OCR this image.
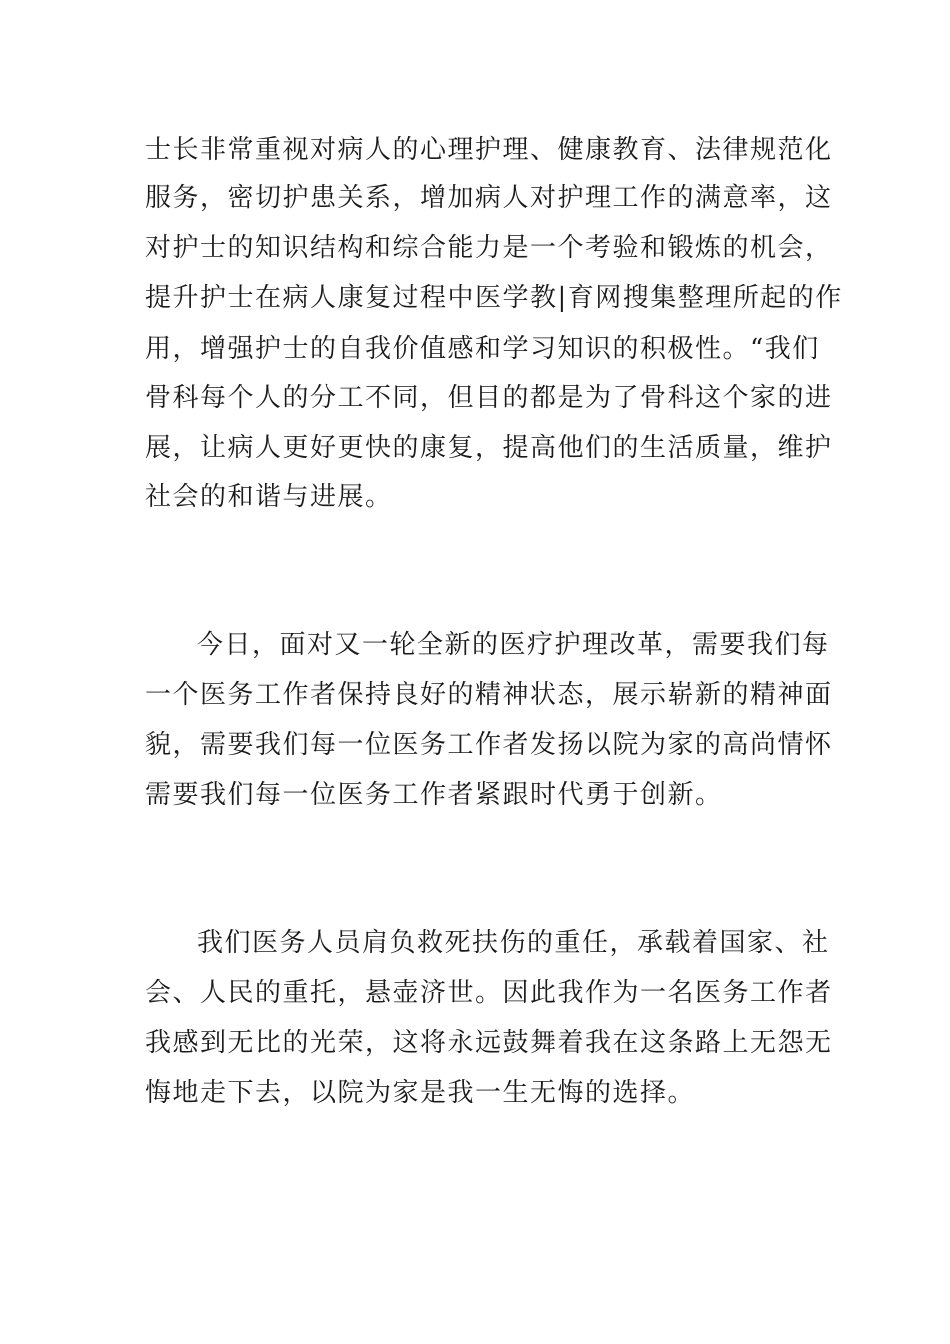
士长非常重视对病人的心理护理、健康教育、法律规范化

服务，密切护患关系，增加病人对护理工作的满意率，这

对护士的知识结构和综合能力是一个考验和锻炼的机会，

提升护士在病人康复过程中医学教|育网搜集整理所起的作

用，增强护士的自我价值感和学习知识的积极性。“我们

骨科每个人的分工不同，但目的都是为了骨科这个家的进

展，让病人更好更快的康复，提高他们的生活质量，维护

社会的和谐与进展。

今日，面对又一轮全新的医疗护理改革，需要我们每

一个医务工作者保持良好的精神状态，展示崭新的精神面

貌，需要我们每一位医务工作者发扬以院为家的高尚情怀

需要我们每一位医务工作者紧跟时代勇于创新。

我们医务人员肩负救死扶伤的重任，承载着国家、社

会、人民的重托，悬壶济世。因此我作为一名医务工作者

我感到无比的光荣，这将永远鼓舞着我在这条路上无怨无

悔地走下去，以院为家是我一生无悔的选择。
